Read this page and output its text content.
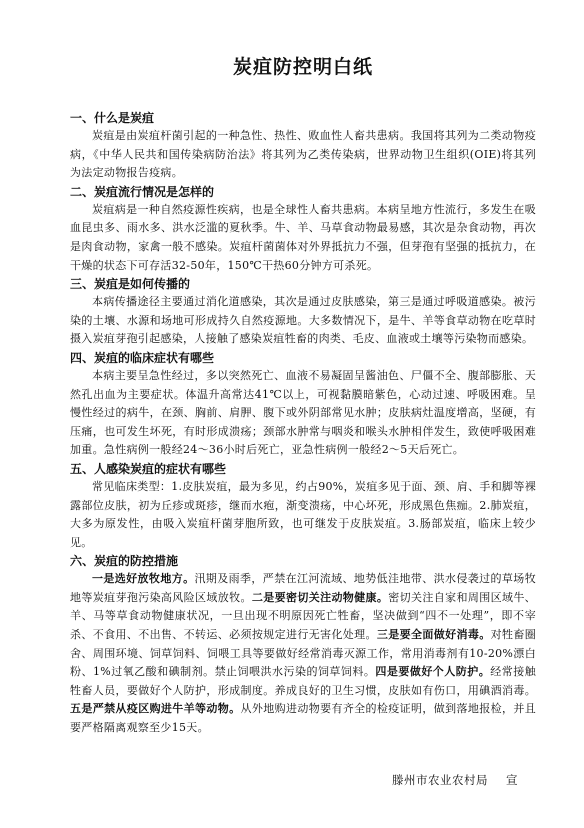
炭疽防控明白纸
一、什么是炭疽

炭疽是由炭疽杆菌引起的一种急性、热性、败血性人畜共患病。我国将其列为二类动物疫病，《中华人民共和国传染病防治法》将其列为乙类传染病，世界动物卫生组织(OIE)将其列为法定动物报告疫病。

二、炭疽流行情况是怎样的

炭疽病是一种自然疫源性疾病，也是全球性人畜共患病。本病呈地方性流行，多发生在吸血昆虫多、雨水多、洪水泛滥的夏秋季。牛、羊、马草食动物最易感，其次是杂食动物，再次是肉食动物，家禽一般不感染。炭疽杆菌菌体对外界抵抗力不强，但芽孢有坚强的抵抗力，在干燥的状态下可存活32-50年，150℃干热60分钟方可杀死。

三、炭疽是如何传播的

本病传播途径主要通过消化道感染，其次是通过皮肤感染，第三是通过呼吸道感染。被污染的土壤、水源和场地可形成持久自然疫源地。大多数情况下，是牛、羊等食草动物在吃草时摄入炭疽芽孢引起感染，人接触了感染炭疽牲畜的肉类、毛皮、血液或土壤等污染物而感染。

四、炭疽的临床症状有哪些

本病主要呈急性经过，多以突然死亡、血液不易凝固呈酱油色、尸僵不全、腹部膨胀、天然孔出血为主要症状。体温升高常达41℃以上，可视黏膜暗紫色，心动过速、呼吸困难。呈慢性经过的病牛，在颈、胸前、肩胛、腹下或外阴部常见水肿；皮肤病灶温度增高，坚硬，有压痛，也可发生坏死，有时形成溃疡；颈部水肿常与咽炎和喉头水肿相伴发生，致使呼吸困难加重。急性病例一般经24～36小时后死亡，亚急性病例一般经2～5天后死亡。

五、人感染炭疽的症状有哪些

常见临床类型：1.皮肤炭疽，最为多见，约占90%，炭疽多见于面、颈、肩、手和脚等裸露部位皮肤，初为丘疹或斑疹，继而水疱，渐变溃疡，中心坏死，形成黑色焦痂。2.肺炭疽，大多为原发性，由吸入炭疽杆菌芽胞所致，也可继发于皮肤炭疽。3.肠部炭疽，临床上较少见。

六、炭疽的防控措施

一是选好放牧地方。汛期及雨季，严禁在江河流域、地势低洼地带、洪水侵袭过的草场牧地等炭疽芽孢污染高风险区域放牧。二是要密切关注动物健康。密切关注自家和周围区域牛、羊、马等草食动物健康状况，一旦出现不明原因死亡牲畜，坚决做到“四不一处理”，即不宰杀、不食用、不出售、不转运、必须按规定进行无害化处理。三是要全面做好消毒。对牲畜圈舍、周围环境、饲草饲料、饲喂工具等要做好经常消毒灭源工作，常用消毒剂有10-20%漂白粉、1%过氧乙酸和碘制剂。禁止饲喂洪水污染的饲草饲料。四是要做好个人防护。经常接触牲畜人员，要做好个人防护，形成制度。养成良好的卫生习惯，皮肤如有伤口，用碘酒消毒。五是严禁从疫区购进牛羊等动物。从外地购进动物要有齐全的检疫证明，做到落地报检，并且要严格隔离观察至少15天。

滕州市农业农村局 宣
